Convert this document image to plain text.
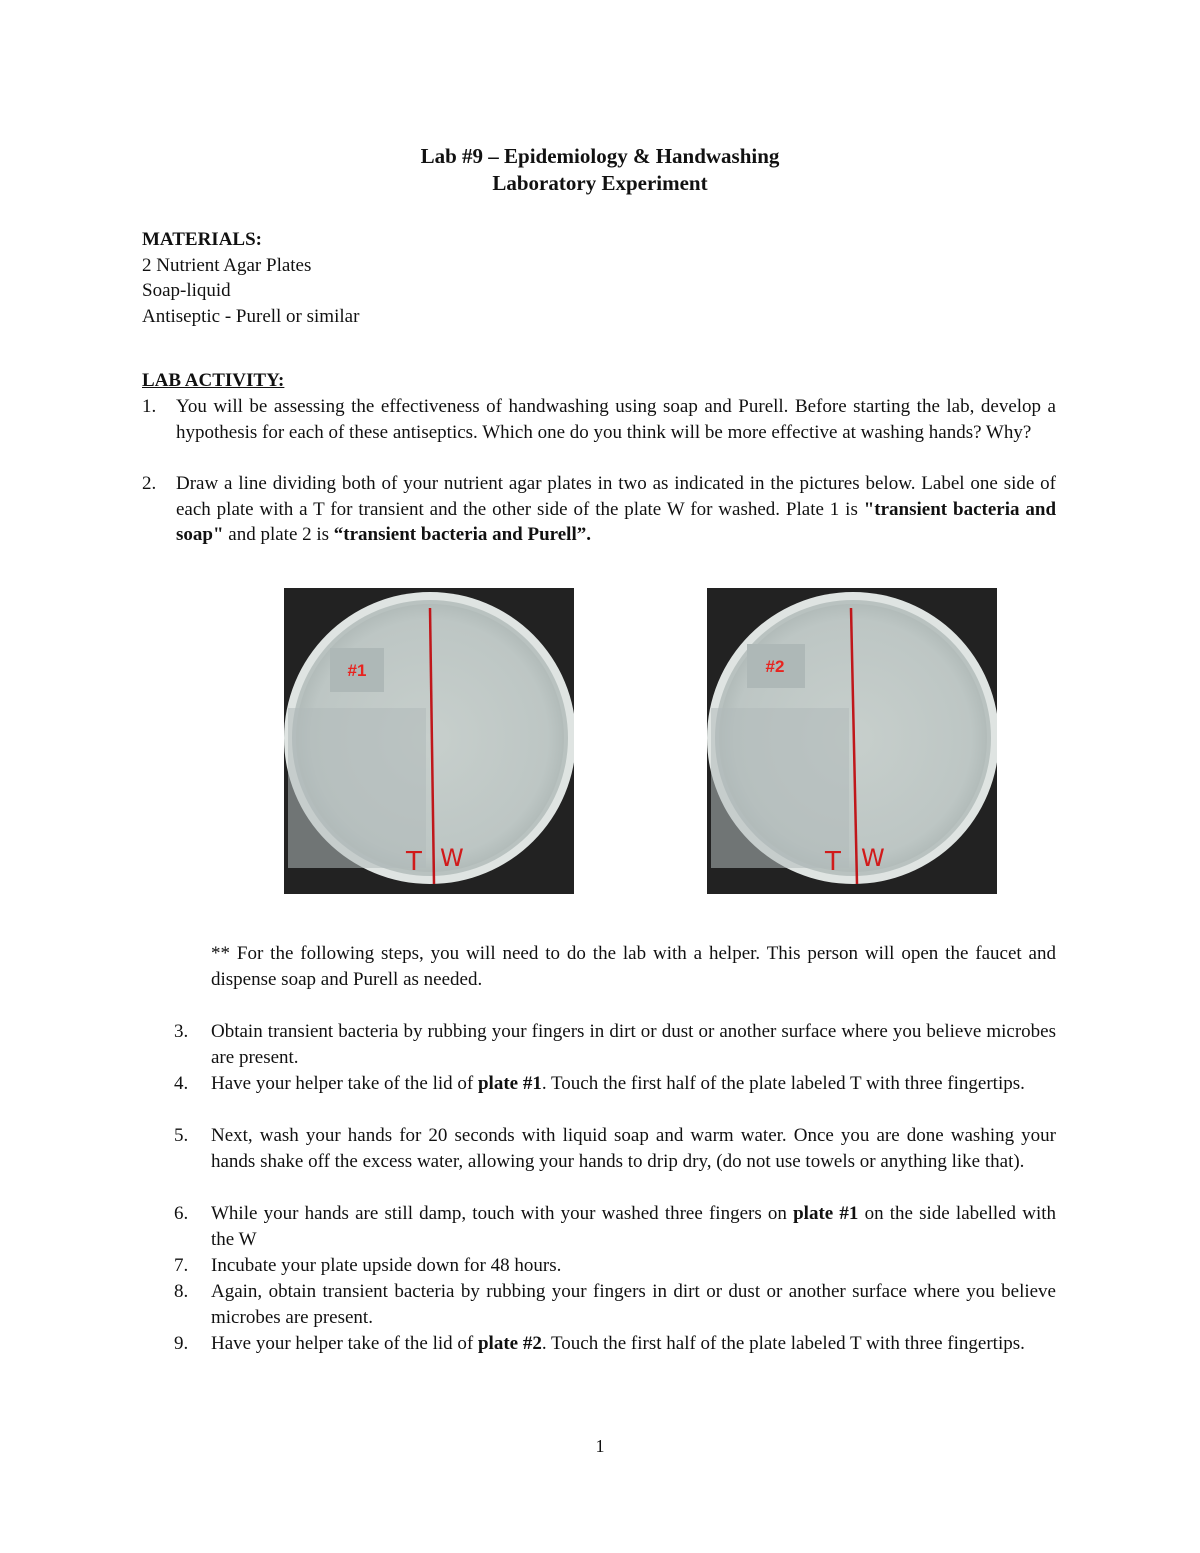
Lab #9 – Epidemiology & Handwashing
Laboratory Experiment
MATERIALS:
2 Nutrient Agar Plates
Soap-liquid
Antiseptic - Purell or similar
LAB ACTIVITY:
1.	You will be assessing the effectiveness of handwashing using soap and Purell. Before starting the lab, develop a hypothesis for each of these antiseptics. Which one do you think will be more effective at washing hands? Why?
2.	Draw a line dividing both of your nutrient agar plates in two as indicated in the pictures below. Label one side of each plate with a T for transient and the other side of the plate W for washed. Plate 1 is "transient bacteria and soap" and plate 2 is “transient bacteria and Purell”.
#1
T W
#2
T W
** For the following steps, you will need to do the lab with a helper. This person will open the faucet and dispense soap and Purell as needed.
3.	Obtain transient bacteria by rubbing your fingers in dirt or dust or another surface where you believe microbes are present.
4.	Have your helper take of the lid of plate #1. Touch the first half of the plate labeled T with three fingertips.
5.	Next, wash your hands for 20 seconds with liquid soap and warm water. Once you are done washing your hands shake off the excess water, allowing your hands to drip dry, (do not use towels or anything like that).
6.	While your hands are still damp, touch with your washed three fingers on plate #1 on the side labelled with the W
7.	Incubate your plate upside down for 48 hours.
8.	Again, obtain transient bacteria by rubbing your fingers in dirt or dust or another surface where you believe microbes are present.
9.	Have your helper take of the lid of plate #2. Touch the first half of the plate labeled T with three fingertips.
1
